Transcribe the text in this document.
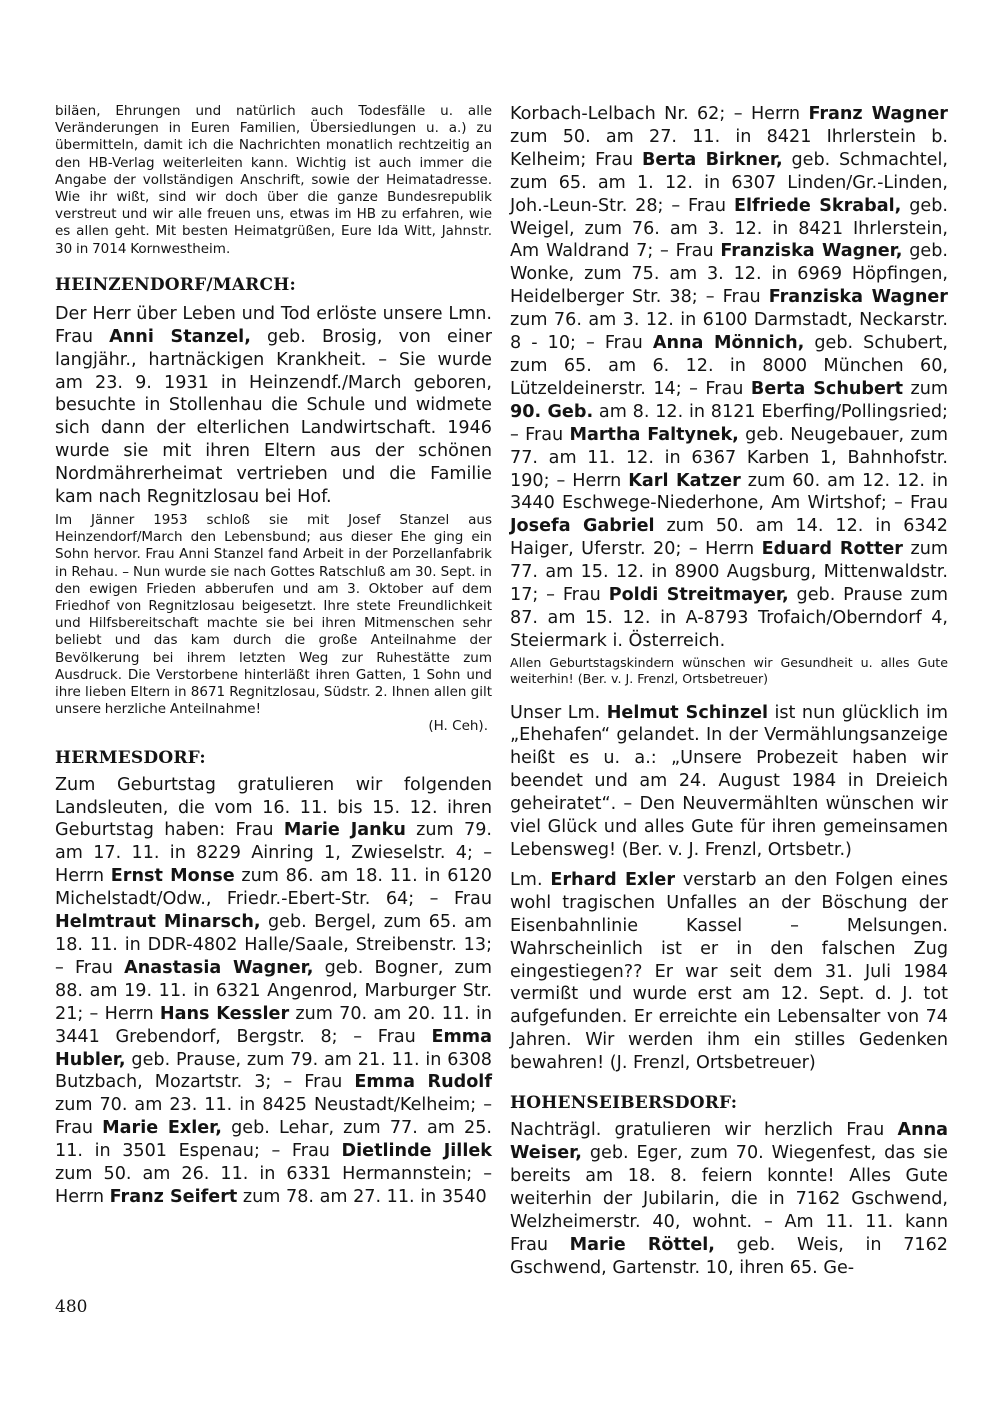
biläen, Ehrungen und natürlich auch Todesfälle u. alle Veränderungen in Euren Familien, Übersiedlungen u. a.) zu übermitteln, damit ich die Nachrichten monatlich rechtzeitig an den HB-Verlag weiterleiten kann. Wichtig ist auch immer die Angabe der vollständigen Anschrift, sowie der Heimatadresse. Wie ihr wißt, sind wir doch über die ganze Bundesrepublik verstreut und wir alle freuen uns, etwas im HB zu erfahren, wie es allen geht. Mit besten Heimatgrüßen, Eure Ida Witt, Jahnstr. 30 in 7014 Kornwestheim.

HEINZENDORF/MARCH:

Der Herr über Leben und Tod erlöste unsere Lmn. Frau Anni Stanzel, geb. Brosig, von einer langjähr., hartnäckigen Krankheit. – Sie wurde am 23. 9. 1931 in Heinzendf./March geboren, besuchte in Stollenhau die Schule und widmete sich dann der elterlichen Landwirtschaft. 1946 wurde sie mit ihren Eltern aus der schönen Nordmährerheimat vertrieben und die Familie kam nach Regnitzlosau bei Hof.

Im Jänner 1953 schloß sie mit Josef Stanzel aus Heinzendorf/March den Lebensbund; aus dieser Ehe ging ein Sohn hervor. Frau Anni Stanzel fand Arbeit in der Porzellanfabrik in Rehau. – Nun wurde sie nach Gottes Ratschluß am 30. Sept. in den ewigen Frieden abberufen und am 3. Oktober auf dem Friedhof von Regnitzlosau beigesetzt. Ihre stete Freundlichkeit und Hilfsbereitschaft machte sie bei ihren Mitmenschen sehr beliebt und das kam durch die große Anteilnahme der Bevölkerung bei ihrem letzten Weg zur Ruhestätte zum Ausdruck. Die Verstorbene hinterläßt ihren Gatten, 1 Sohn und ihre lieben Eltern in 8671 Regnitzlosau, Südstr. 2. Ihnen allen gilt unsere herzliche Anteilnahme!

(H. Ceh).

HERMESDORF:

Zum Geburtstag gratulieren wir folgenden Landsleuten, die vom 16. 11. bis 15. 12. ihren Geburtstag haben: Frau Marie Janku zum 79. am 17. 11. in 8229 Ainring 1, Zwieselstr. 4; – Herrn Ernst Monse zum 86. am 18. 11. in 6120 Michelstadt/Odw., Friedr.-Ebert-Str. 64; – Frau Helmtraut Minarsch, geb. Bergel, zum 65. am 18. 11. in DDR-4802 Halle/Saale, Streibenstr. 13; – Frau Anastasia Wagner, geb. Bogner, zum 88. am 19. 11. in 6321 Angenrod, Marburger Str. 21; – Herrn Hans Kessler zum 70. am 20. 11. in 3441 Grebendorf, Bergstr. 8; – Frau Emma Hubler, geb. Prause, zum 79. am 21. 11. in 6308 Butzbach, Mozartstr. 3; – Frau Emma Rudolf zum 70. am 23. 11. in 8425 Neustadt/Kelheim; – Frau Marie Exler, geb. Lehar, zum 77. am 25. 11. in 3501 Espenau; – Frau Dietlinde Jillek zum 50. am 26. 11. in 6331 Hermannstein; – Herrn Franz Seifert zum 78. am 27. 11. in 3540

Korbach-Lelbach Nr. 62; – Herrn Franz Wagner zum 50. am 27. 11. in 8421 Ihrlerstein b. Kelheim; Frau Berta Birkner, geb. Schmachtel, zum 65. am 1. 12. in 6307 Linden/Gr.-Linden, Joh.-Leun-Str. 28; – Frau Elfriede Skrabal, geb. Weigel, zum 76. am 3. 12. in 8421 Ihrlerstein, Am Waldrand 7; – Frau Franziska Wagner, geb. Wonke, zum 75. am 3. 12. in 6969 Höpfingen, Heidelberger Str. 38; – Frau Franziska Wagner zum 76. am 3. 12. in 6100 Darmstadt, Neckarstr. 8 - 10; – Frau Anna Mönnich, geb. Schubert, zum 65. am 6. 12. in 8000 München 60, Lützeldeinerstr. 14; – Frau Berta Schubert zum 90. Geb. am 8. 12. in 8121 Eberfing/Pollingsried; – Frau Martha Faltynek, geb. Neugebauer, zum 77. am 11. 12. in 6367 Karben 1, Bahnhofstr. 190; – Herrn Karl Katzer zum 60. am 12. 12. in 3440 Eschwege-Niederhone, Am Wirtshof; – Frau Josefa Gabriel zum 50. am 14. 12. in 6342 Haiger, Uferstr. 20; – Herrn Eduard Rotter zum 77. am 15. 12. in 8900 Augsburg, Mittenwaldstr. 17; – Frau Poldi Streitmayer, geb. Prause zum 87. am 15. 12. in A-8793 Trofaich/Oberndorf 4, Steiermark i. Österreich.

Allen Geburtstagskindern wünschen wir Gesundheit u. alles Gute weiterhin! (Ber. v. J. Frenzl, Ortsbetreuer)

Unser Lm. Helmut Schinzel ist nun glücklich im „Ehehafen“ gelandet. In der Vermählungsanzeige heißt es u. a.: „Unsere Probezeit haben wir beendet und am 24. August 1984 in Dreieich geheiratet“. – Den Neuvermählten wünschen wir viel Glück und alles Gute für ihren gemeinsamen Lebensweg! (Ber. v. J. Frenzl, Ortsbetr.)

Lm. Erhard Exler verstarb an den Folgen eines wohl tragischen Unfalles an der Böschung der Eisenbahnlinie Kassel – Melsungen. Wahrscheinlich ist er in den falschen Zug eingestiegen?? Er war seit dem 31. Juli 1984 vermißt und wurde erst am 12. Sept. d. J. tot aufgefunden. Er erreichte ein Lebensalter von 74 Jahren. Wir werden ihm ein stilles Gedenken bewahren! (J. Frenzl, Ortsbetreuer)

HOHENSEIBERSDORF:

Nachträgl. gratulieren wir herzlich Frau Anna Weiser, geb. Eger, zum 70. Wiegenfest, das sie bereits am 18. 8. feiern konnte! Alles Gute weiterhin der Jubilarin, die in 7162 Gschwend, Welzheimerstr. 40, wohnt. – Am 11. 11. kann Frau Marie Röttel, geb. Weis, in 7162 Gschwend, Gartenstr. 10, ihren 65. Ge-

480
